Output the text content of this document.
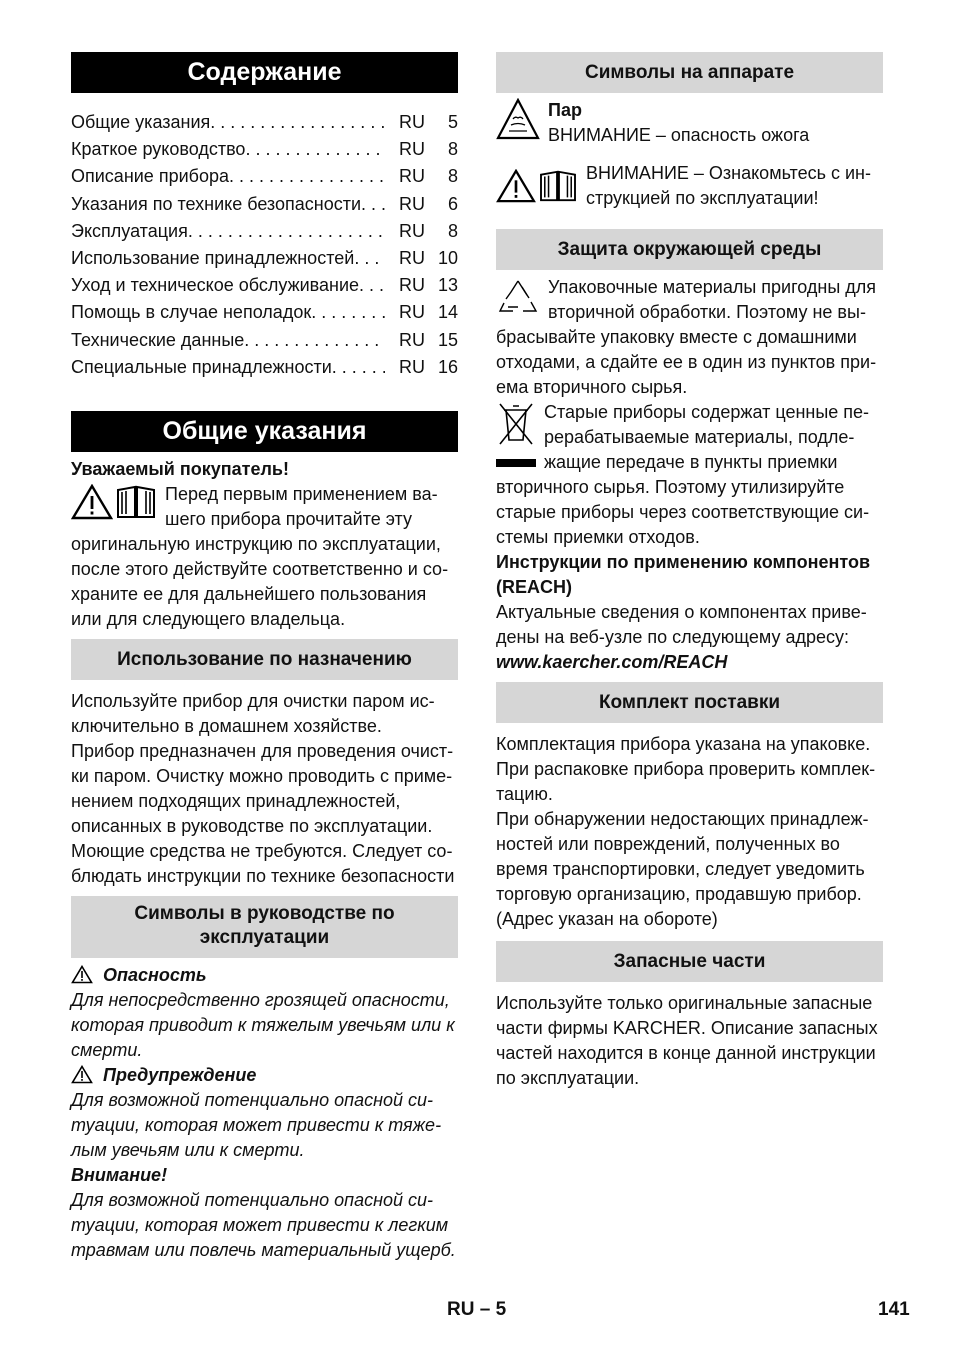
Содержание
Общие указания . . .	RU	5
Краткое руководство . . .	RU	8
Описание прибора . . .	RU	8
Указания по технике безопасности . . .	RU	6
Эксплуатация . . .	RU	8
Использование принадлежностей . . .	RU 10
Уход и техническое обслуживание . . .	RU 13
Помощь в случае неполадок . . .	RU 14
Технические данные . . .	RU 15
Специальные принадлежности . . .	RU 16
Общие указания

Уважаемый покупатель!

Перед первым применением вашего прибора прочитайте эту оригинальную инструкцию по эксплуатации, после этого действуйте соответственно и сохраните ее для дальнейшего пользования или для следующего владельца.

Использование по назначению

Используйте прибор для очистки паром исключительно в домашнем хозяйстве.

Прибор предназначен для проведения очистки паром. Очистку можно проводить с применением подходящих принадлежностей, описанных в руководстве по эксплуатации. Моющие средства не требуются. Следует соблюдать инструкции по технике безопасности

Символы в руководстве по эксплуатации

Опасность

Для непосредственно грозящей опасности, которая приводит к тяжелым увечьям или к смерти.

Предупреждение

Для возможной потенциально опасной ситуации, которая может привести к тяжелым увечьям или к смерти.

Внимание!

Для возможной потенциально опасной ситуации, которая может привести к легким травмам или повлечь материальный ущерб.

Символы на аппарате

Пар

ВНИМАНИЕ – опасность ожога

ВНИМАНИЕ – Ознакомьтесь с инструкцией по эксплуатации!

Защита окружающей среды

Упаковочные материалы пригодны для вторичной обработки. Поэтому не выбрасывайте упаковку вместе с домашними отходами, а сдайте ее в один из пунктов приема вторичного сырья.

Старые приборы содержат ценные перерабатываемые материалы, подлежащие передаче в пункты приемки вторичного сырья. Поэтому утилизируйте старые приборы через соответствующие системы приемки отходов.

Инструкции по применению компонентов (REACH)

Актуальные сведения о компонентах приведены на веб-узле по следующему адресу:

www.kaercher.com/REACH

Комплект поставки

Комплектация прибора указана на упаковке. При распаковке прибора проверить комплектацию.

При обнаружении недостающих принадлежностей или повреждений, полученных во время транспортировки, следует уведомить торговую организацию, продавшую прибор. (Адрес указан на обороте)

Запасные части

Используйте только оригинальные запасные части фирмы KARCHER. Описание запасных частей находится в конце данной инструкции по эксплуатации.

RU – 5	141
